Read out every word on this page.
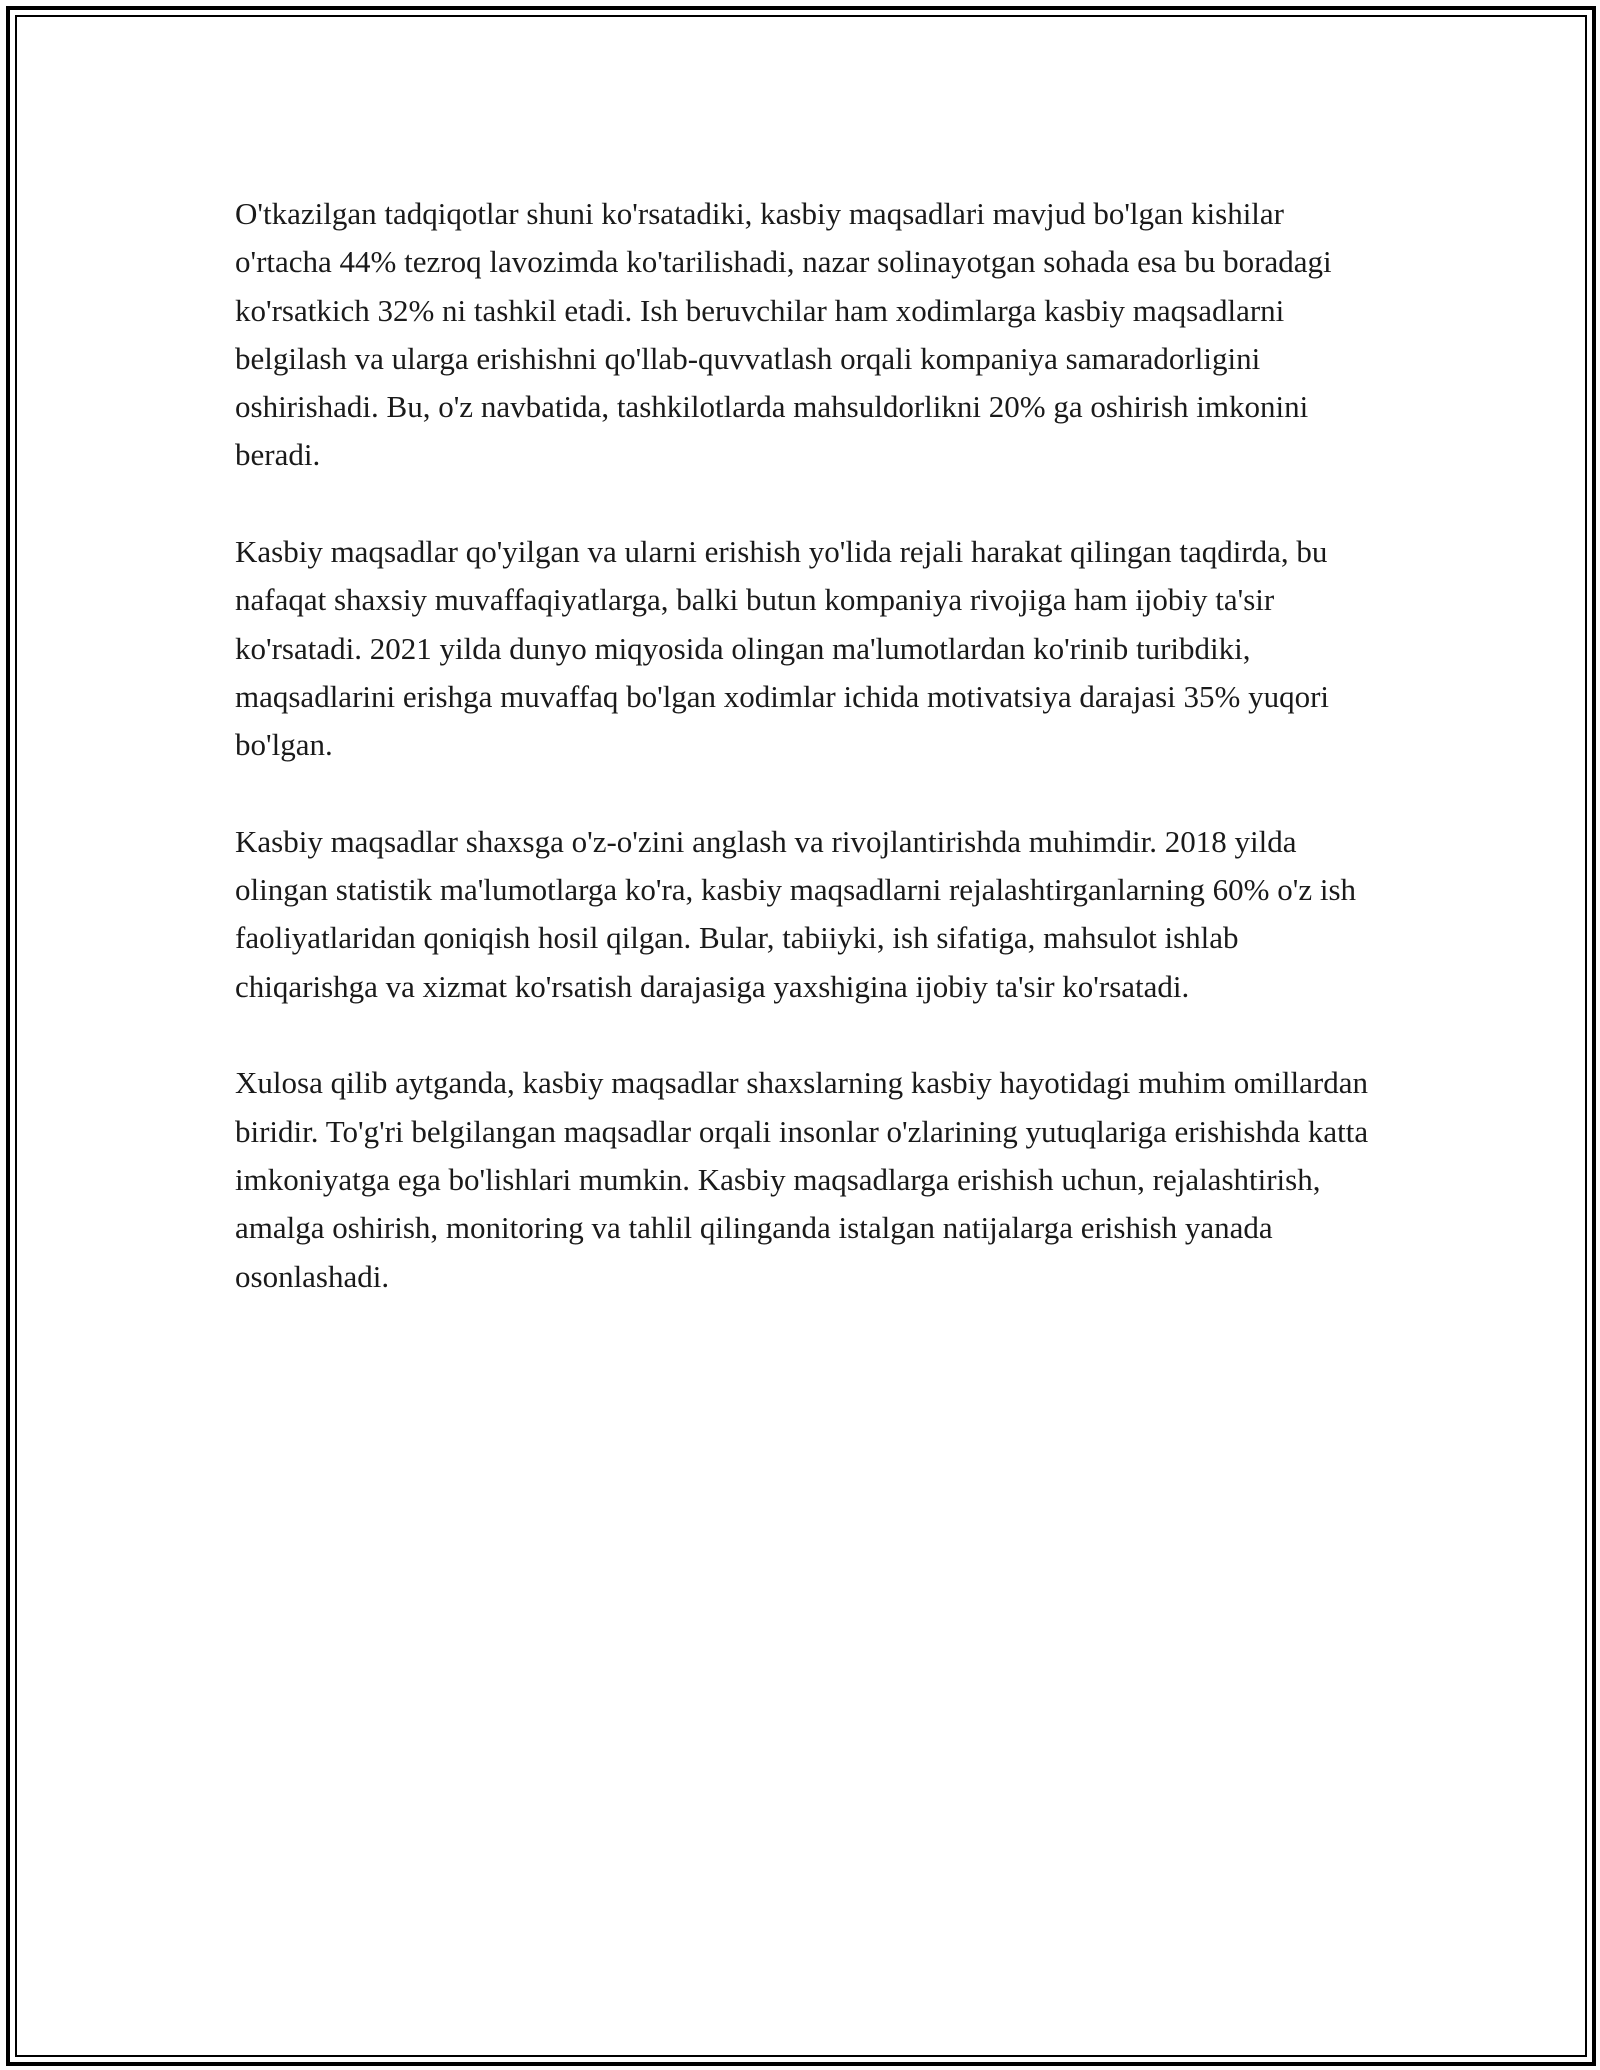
O'tkazilgan tadqiqotlar shuni ko'rsatadiki, kasbiy maqsadlari mavjud bo'lgan kishilar o'rtacha 44% tezroq lavozimda ko'tarilishadi, nazar solinayotgan sohada esa bu boradagi ko'rsatkich 32% ni tashkil etadi. Ish beruvchilar ham xodimlarga kasbiy maqsadlarni belgilash va ularga erishishni qo'llab-quvvatlash orqali kompaniya samaradorligini oshirishadi. Bu, o'z navbatida, tashkilotlarda mahsuldorlikni 20% ga oshirish imkonini beradi.

Kasbiy maqsadlar qo'yilgan va ularni erishish yo'lida rejali harakat qilingan taqdirda, bu nafaqat shaxsiy muvaffaqiyatlarga, balki butun kompaniya rivojiga ham ijobiy ta'sir ko'rsatadi. 2021 yilda dunyo miqyosida olingan ma'lumotlardan ko'rinib turibdiki, maqsadlarini erishga muvaffaq bo'lgan xodimlar ichida motivatsiya darajasi 35% yuqori bo'lgan.

Kasbiy maqsadlar shaxsga o'z-o'zini anglash va rivojlantirishda muhimdir. 2018 yilda olingan statistik ma'lumotlarga ko'ra, kasbiy maqsadlarni rejalashtirganlarning 60% o'z ish faoliyatlaridan qoniqish hosil qilgan. Bular, tabiiyki, ish sifatiga, mahsulot ishlab chiqarishga va xizmat ko'rsatish darajasiga yaxshigina ijobiy ta'sir ko'rsatadi.

Xulosa qilib aytganda, kasbiy maqsadlar shaxslarning kasbiy hayotidagi muhim omillardan biridir. To'g'ri belgilangan maqsadlar orqali insonlar o'zlarining yutuqlariga erishishda katta imkoniyatga ega bo'lishlari mumkin. Kasbiy maqsadlarga erishish uchun, rejalashtirish, amalga oshirish, monitoring va tahlil qilinganda istalgan natijalarga erishish yanada osonlashadi.
